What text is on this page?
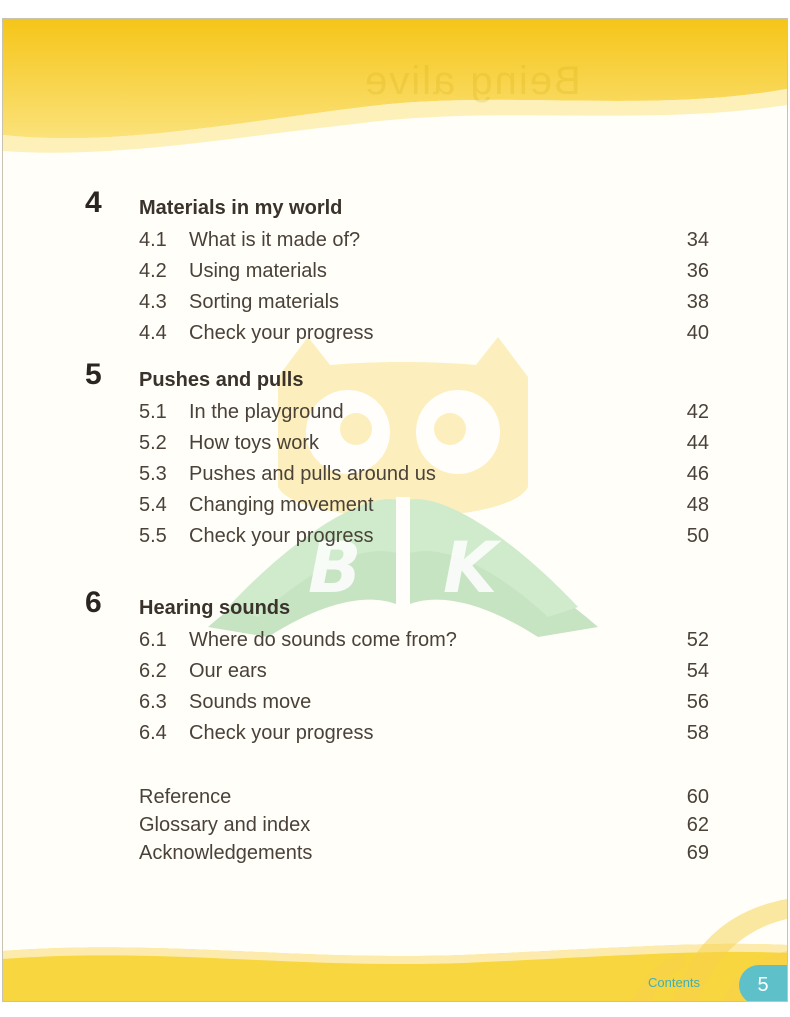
Being alive
B K
4 Materials in my world
4.1 What is it made of?	34
4.2 Using materials	36
4.3 Sorting materials	38
4.4 Check your progress	40
5 Pushes and pulls
5.1 In the playground	42
5.2 How toys work	44
5.3 Pushes and pulls around us	46
5.4 Changing movement	48
5.5 Check your progress	50
6 Hearing sounds
6.1 Where do sounds come from?	52
6.2 Our ears	54
6.3 Sounds move	56
6.4 Check your progress	58
Reference	60
Glossary and index	62
Acknowledgements	69
Contents	5
